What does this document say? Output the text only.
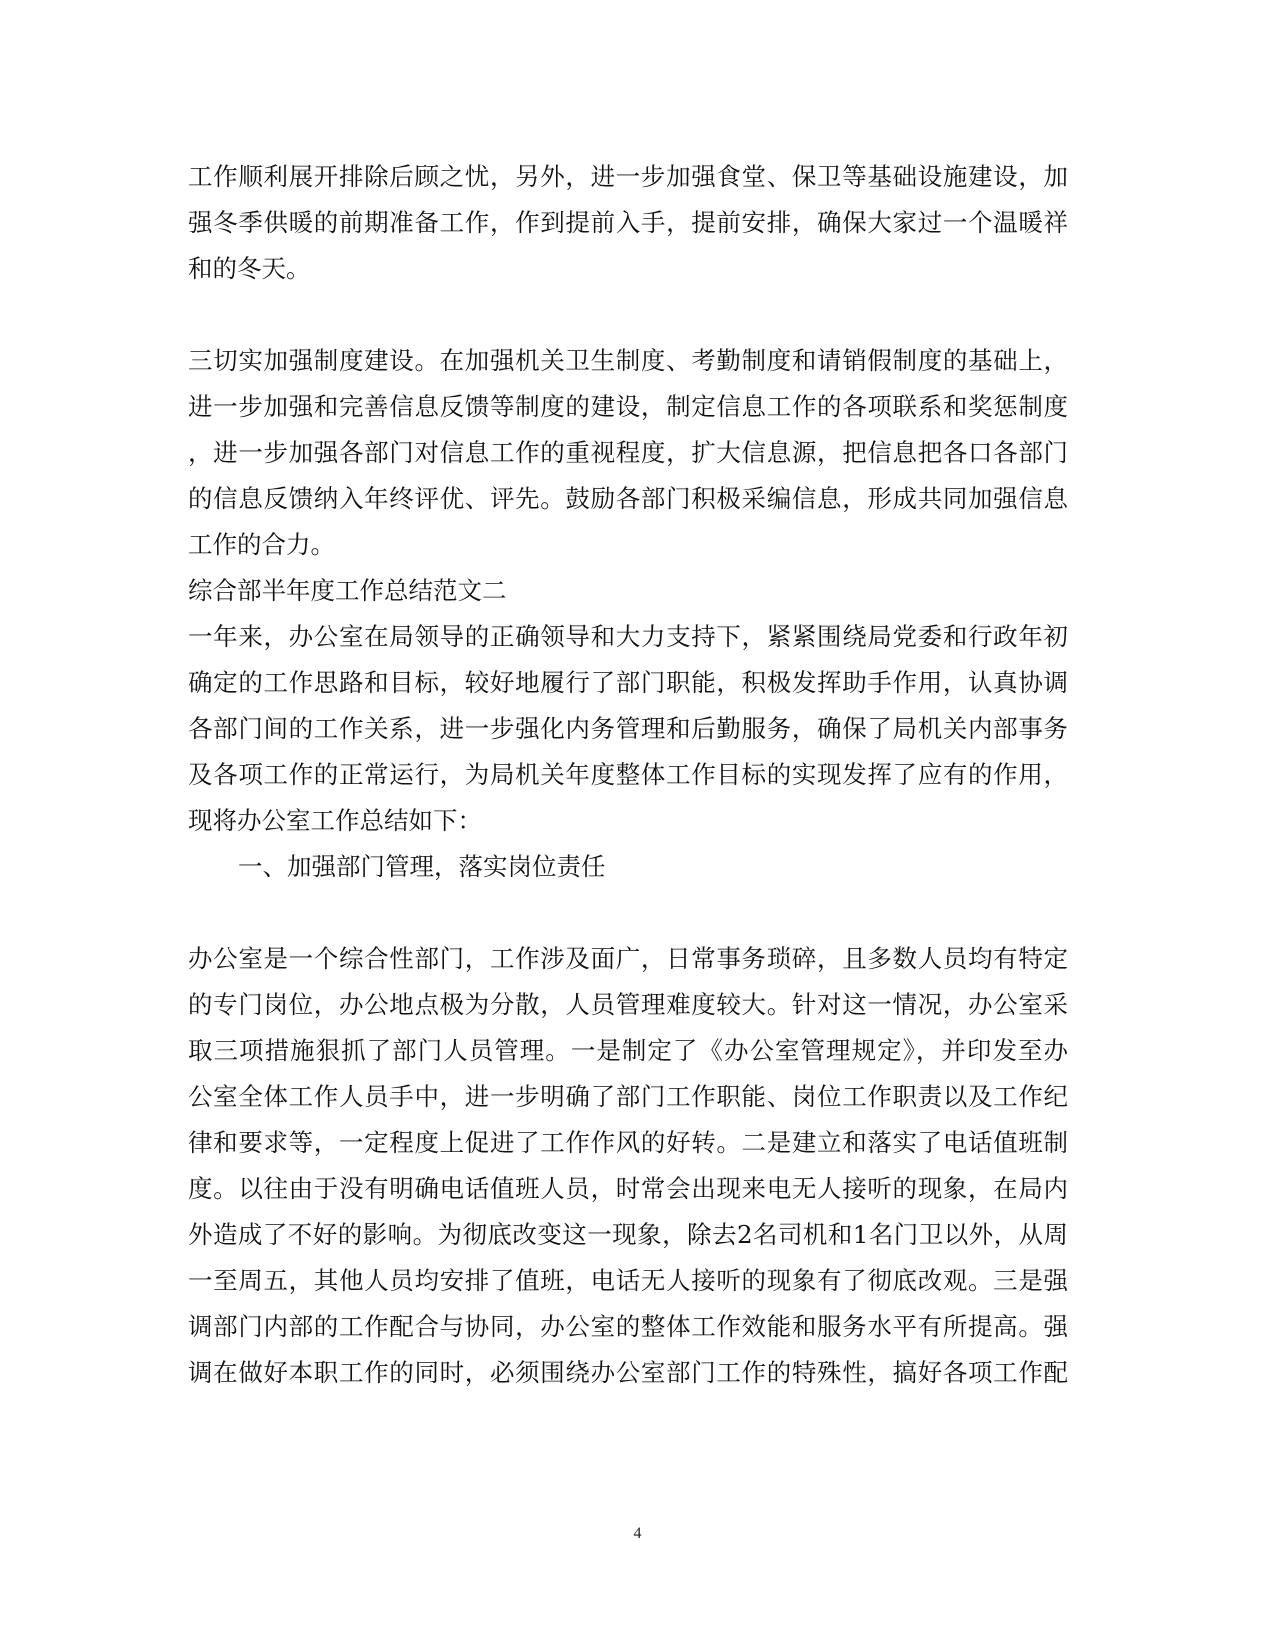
工作顺利展开排除后顾之忧，另外，进一步加强食堂、保卫等基础设施建设，加
强冬季供暖的前期准备工作，作到提前入手，提前安排，确保大家过一个温暖祥
和的冬天。
三切实加强制度建设。在加强机关卫生制度、考勤制度和请销假制度的基础上，
进一步加强和完善信息反馈等制度的建设，制定信息工作的各项联系和奖惩制度
，进一步加强各部门对信息工作的重视程度，扩大信息源，把信息把各口各部门
的信息反馈纳入年终评优、评先。鼓励各部门积极采编信息，形成共同加强信息
工作的合力。
综合部半年度工作总结范文二
一年来，办公室在局领导的正确领导和大力支持下，紧紧围绕局党委和行政年初
确定的工作思路和目标，较好地履行了部门职能，积极发挥助手作用，认真协调
各部门间的工作关系，进一步强化内务管理和后勤服务，确保了局机关内部事务
及各项工作的正常运行，为局机关年度整体工作目标的实现发挥了应有的作用，
现将办公室工作总结如下：
一、加强部门管理，落实岗位责任
办公室是一个综合性部门，工作涉及面广，日常事务琐碎，且多数人员均有特定
的专门岗位，办公地点极为分散，人员管理难度较大。针对这一情况，办公室采
取三项措施狠抓了部门人员管理。一是制定了《办公室管理规定》，并印发至办
公室全体工作人员手中，进一步明确了部门工作职能、岗位工作职责以及工作纪
律和要求等，一定程度上促进了工作作风的好转。二是建立和落实了电话值班制
度。以往由于没有明确电话值班人员，时常会出现来电无人接听的现象，在局内
外造成了不好的影响。为彻底改变这一现象，除去2名司机和1名门卫以外，从周
一至周五，其他人员均安排了值班，电话无人接听的现象有了彻底改观。三是强
调部门内部的工作配合与协同，办公室的整体工作效能和服务水平有所提高。强
调在做好本职工作的同时，必须围绕办公室部门工作的特殊性，搞好各项工作配
4
